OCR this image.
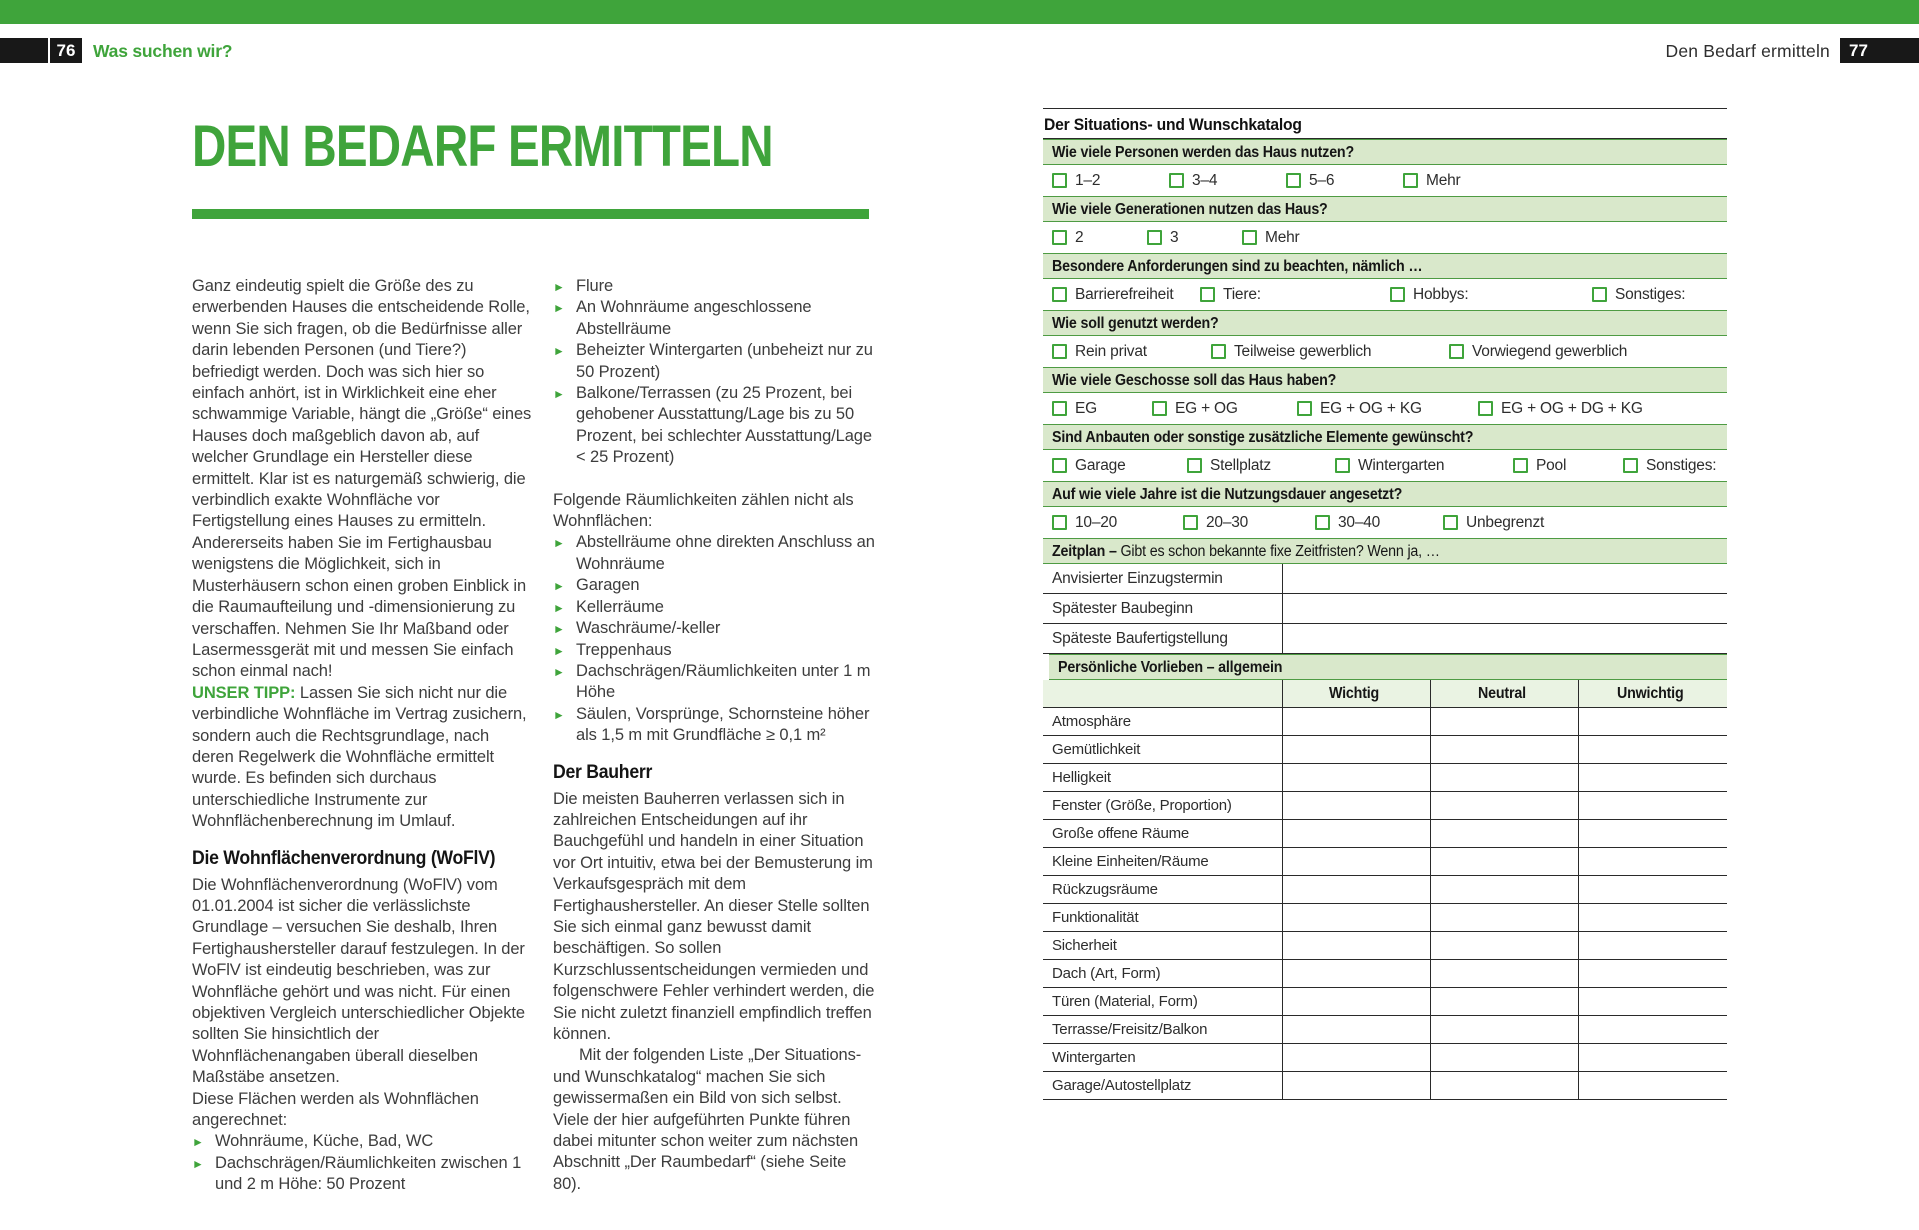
76	Was suchen wir?	Den Bedarf ermitteln	77
DEN BEDARF ERMITTELN

Ganz eindeutig spielt die Größe des zu erwerbenden Hauses die entscheidende Rolle, wenn Sie sich fragen, ob die Bedürfnisse aller darin lebenden Personen (und Tiere?) befriedigt werden. Doch was sich hier so einfach anhört, ist in Wirklichkeit eine eher schwammige Variable, hängt die „Größe“ eines Hauses doch maßgeblich davon ab, auf welcher Grundlage ein Hersteller diese ermittelt. Klar ist es naturgemäß schwierig, die verbindlich exakte Wohnfläche vor Fertigstellung eines Hauses zu ermitteln. Andererseits haben Sie im Fertighausbau wenigstens die Möglichkeit, sich in Musterhäusern schon einen groben Einblick in die Raumaufteilung und -dimensionierung zu verschaffen. Nehmen Sie Ihr Maßband oder Lasermessgerät mit und messen Sie einfach schon einmal nach!

UNSER TIPP: Lassen Sie sich nicht nur die verbindliche Wohnfläche im Vertrag zusichern, sondern auch die Rechtsgrundlage, nach deren Regelwerk die Wohnfläche ermittelt wurde. Es befinden sich durchaus unterschiedliche Instrumente zur Wohnflächenberechnung im Umlauf.

Die Wohnflächenverordnung (WoFlV)

Die Wohnflächenverordnung (WoFlV) vom 01.01.2004 ist sicher die verlässlichste Grundlage – versuchen Sie deshalb, Ihren Fertighaushersteller darauf festzulegen. In der WoFlV ist eindeutig beschrieben, was zur Wohnfläche gehört und was nicht. Für einen objektiven Vergleich unterschiedlicher Objekte sollten Sie hinsichtlich der Wohnflächenangaben überall dieselben Maßstäbe ansetzen.

Diese Flächen werden als Wohnflächen angerechnet:

► Wohnräume, Küche, Bad, WC
► Dachschrägen/Räumlichkeiten zwischen 1 und 2 m Höhe: 50 Prozent
► Flure
► An Wohnräume angeschlossene Abstellräume
► Beheizter Wintergarten (unbeheizt nur zu 50 Prozent)
► Balkone/Terrassen (zu 25 Prozent, bei gehobener Ausstattung/Lage bis zu 50 Prozent, bei schlechter Ausstattung/Lage < 25 Prozent)

Folgende Räumlichkeiten zählen nicht als Wohnflächen:

► Abstellräume ohne direkten Anschluss an Wohnräume
► Garagen
► Kellerräume
► Waschräume/-keller
► Treppenhaus
► Dachschrägen/Räumlichkeiten unter 1 m Höhe
► Säulen, Vorsprünge, Schornsteine höher als 1,5 m mit Grundfläche ≥ 0,1 m²
Der Bauherr

Die meisten Bauherren verlassen sich in zahlreichen Entscheidungen auf ihr Bauchgefühl und handeln in einer Situation vor Ort intuitiv, etwa bei der Bemusterung im Verkaufsgespräch mit dem Fertighaushersteller. An dieser Stelle sollten Sie sich einmal ganz bewusst damit beschäftigen. So sollen Kurzschlussentscheidungen vermieden und folgenschwere Fehler verhindert werden, die Sie nicht zuletzt finanziell empfindlich treffen können.

Mit der folgenden Liste „Der Situations- und Wunschkatalog“ machen Sie sich gewissermaßen ein Bild von sich selbst. Viele der hier aufgeführten Punkte führen dabei mitunter schon weiter zum nächsten Abschnitt „Der Raumbedarf“ (siehe Seite 80).

Der Situations- und Wunschkatalog
Wie viele Personen werden das Haus nutzen?
1–2	3–4	5–6	Mehr
Wie viele Generationen nutzen das Haus?
2	3	Mehr
Besondere Anforderungen sind zu beachten, nämlich …
Barrierefreiheit	Tiere:	Hobbys:	Sonstiges:
Wie soll genutzt werden?
Rein privat	Teilweise gewerblich	Vorwiegend gewerblich
Wie viele Geschosse soll das Haus haben?
EG	EG + OG	EG + OG + KG	EG + OG + DG + KG
Sind Anbauten oder sonstige zusätzliche Elemente gewünscht?
Garage	Stellplatz	Wintergarten	Pool	Sonstiges:
Auf wie viele Jahre ist die Nutzungsdauer angesetzt?
10–20	20–30	30–40	Unbegrenzt
Zeitplan – Gibt es schon bekannte fixe Zeitfristen? Wenn ja, …
Anvisierter Einzugstermin
Spätester Baubeginn
Späteste Baufertigstellung
Persönliche Vorlieben – allgemein
Wichtig	Neutral	Unwichtig
Atmosphäre
Gemütlichkeit
Helligkeit
Fenster (Größe, Proportion)
Große offene Räume
Kleine Einheiten/Räume
Rückzugsräume
Funktionalität
Sicherheit
Dach (Art, Form)
Türen (Material, Form)
Terrasse/Freisitz/Balkon
Wintergarten
Garage/Autostellplatz
